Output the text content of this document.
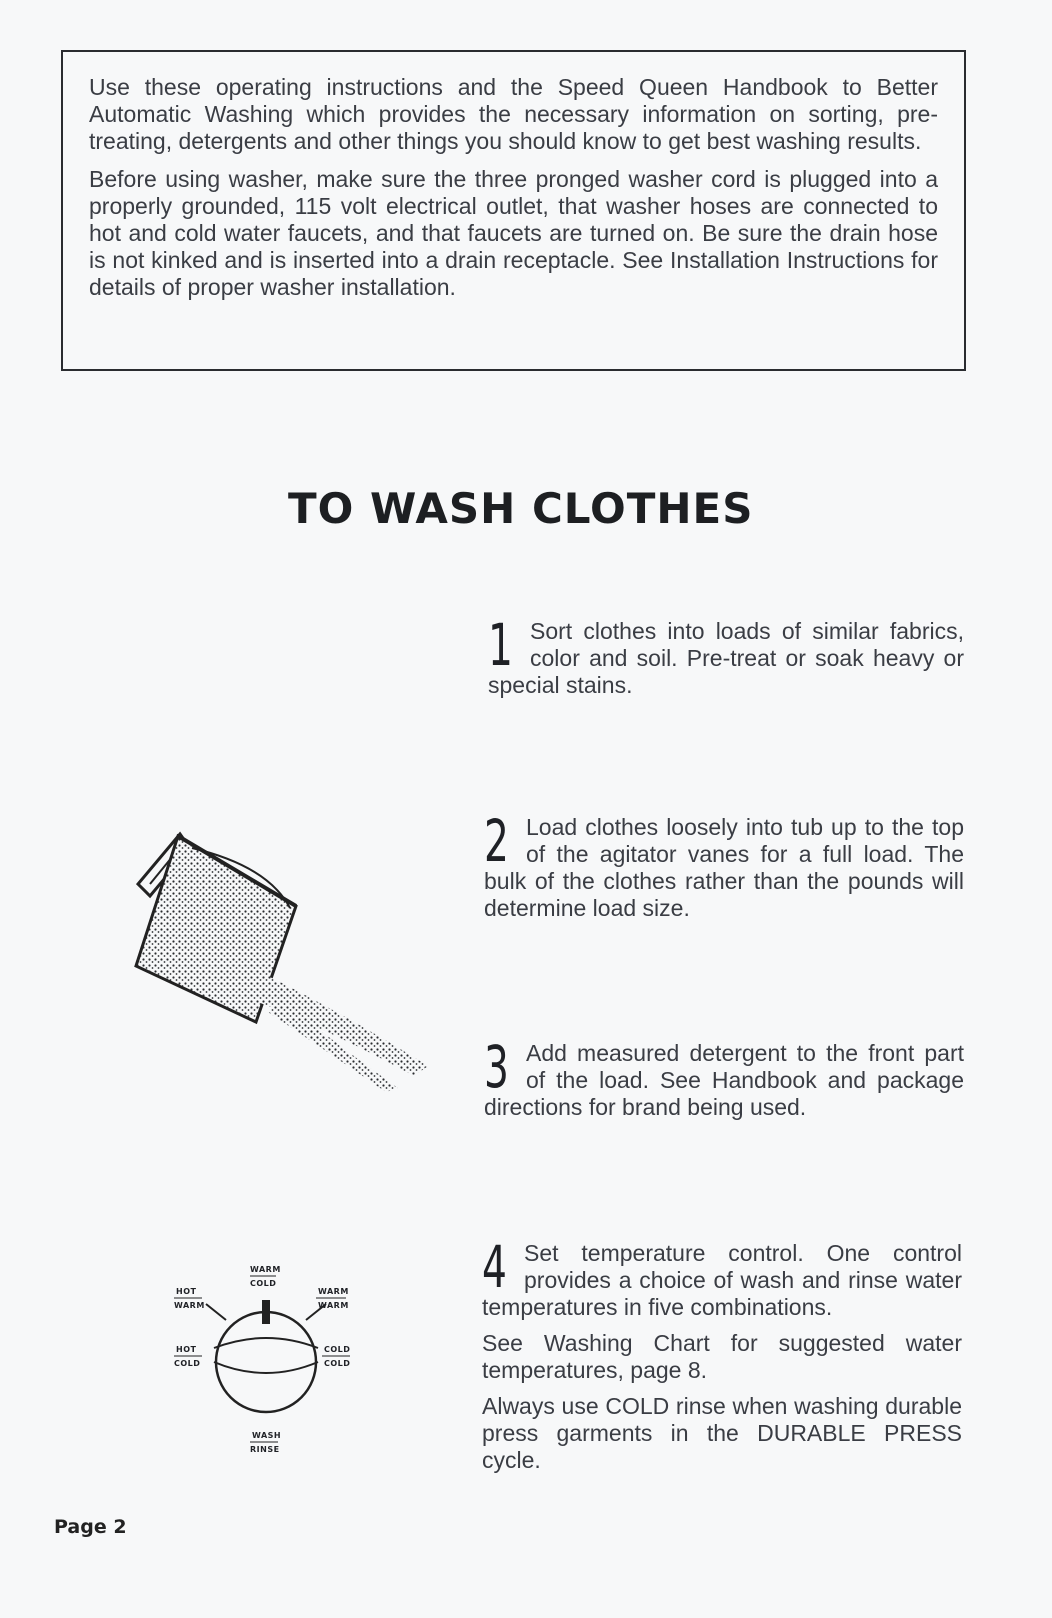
Use these operating instructions and the Speed Queen Handbook to Better Automatic Washing which provides the necessary information on sorting, pre-treating, detergents and other things you should know to get best washing results.

Before using washer, make sure the three pronged washer cord is plugged into a properly grounded, 115 volt electrical outlet, that washer hoses are connected to hot and cold water faucets, and that faucets are turned on. Be sure the drain hose is not kinked and is inserted into a drain receptacle. See Installation Instructions for details of proper washer installation.

TO WASH CLOTHES
1 Sort clothes into loads of similar fabrics, color and soil. Pre-treat or soak heavy or special stains.

2 Load clothes loosely into tub up to the top of the agitator vanes for a full load. The bulk of the clothes rather than the pounds will determine load size.

3 Add measured detergent to the front part of the load. See Handbook and package directions for brand being used.

4 Set temperature control. One control provides a choice of wash and rinse water temperatures in five combinations.

See Washing Chart for suggested water temperatures, page 8.

Always use COLD rinse when washing durable press garments in the DURABLE PRESS cycle.

WARM
COLD
HOT
WARM
WARM
WARM
HOT
COLD
COLD
COLD
WASH
RINSE
Page 2
